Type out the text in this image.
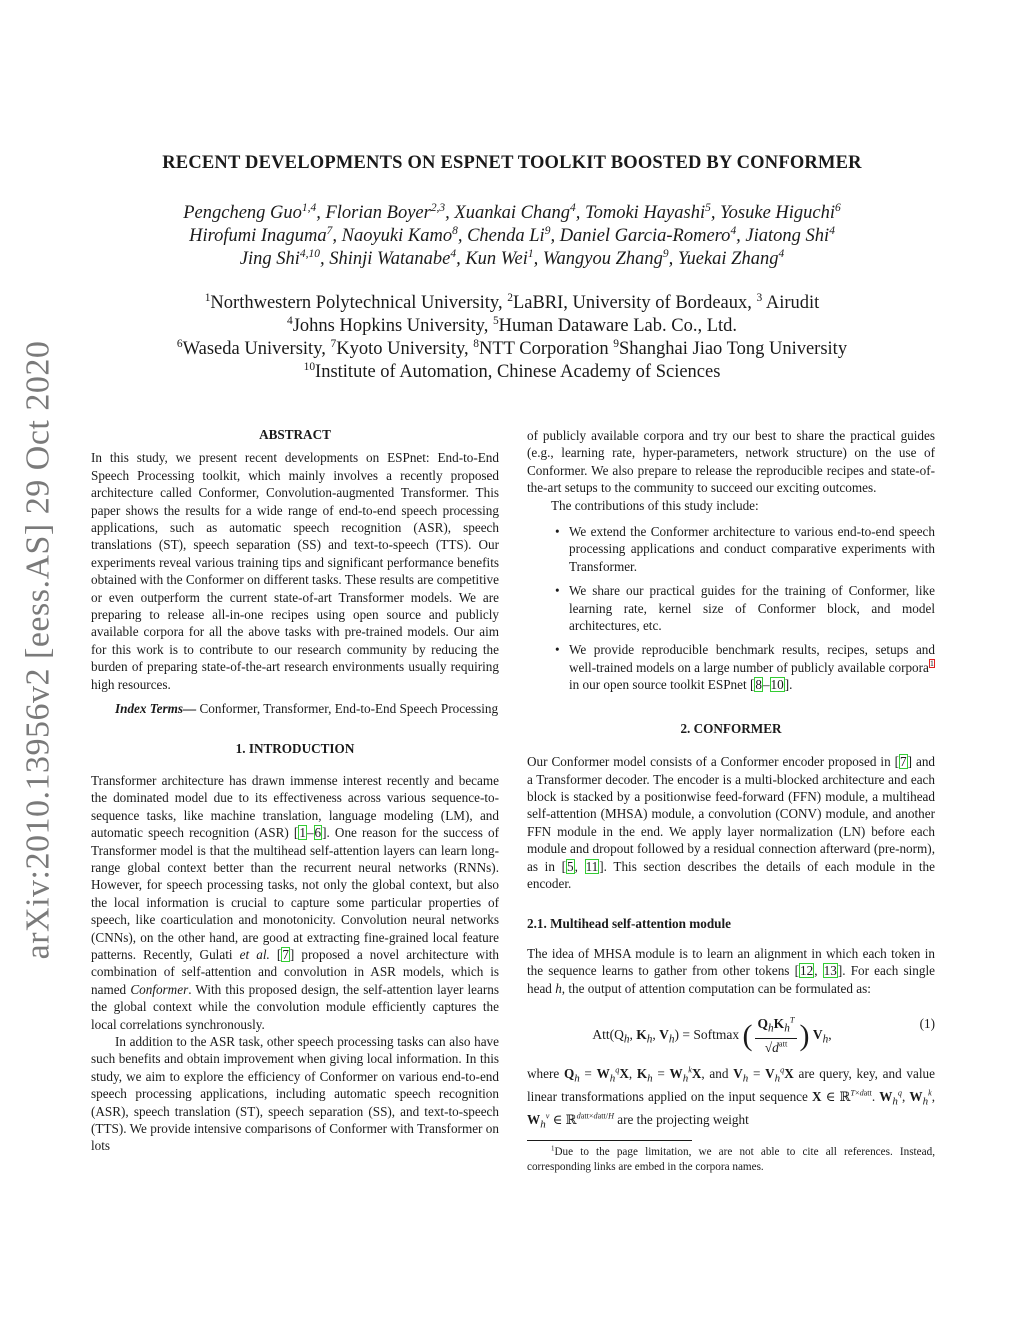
arXiv:2010.13956v2 [eess.AS] 29 Oct 2020
RECENT DEVELOPMENTS ON ESPNET TOOLKIT BOOSTED BY CONFORMER
Pengcheng Guo$^{1,4}$, Florian Boyer$^{2,3}$, Xuankai Chang$^4$, Tomoki Hayashi$^5$, Yosuke Higuchi$^6$
Hirofumi Inaguma$^7$, Naoyuki Kamo$^8$, Chenda Li$^9$, Daniel Garcia-Romero$^4$, Jiatong Shi$^4$
Jing Shi$^{4,10}$, Shinji Watanabe$^4$, Kun Wei$^1$, Wangyou Zhang$^9$, Yuekai Zhang$^4$
$^1$Northwestern Polytechnical University, $^2$LaBRI, University of Bordeaux, $^3$ Airudit
$^4$Johns Hopkins University, $^5$Human Dataware Lab. Co., Ltd.
$^6$Waseda University, $^7$Kyoto University, $^8$NTT Corporation $^9$Shanghai Jiao Tong University
$^{10}$Institute of Automation, Chinese Academy of Sciences
ABSTRACT

In this study, we present recent developments on ESPnet: End-to-End Speech Processing toolkit, which mainly involves a recently proposed architecture called Conformer, Convolution-augmented Transformer. This paper shows the results for a wide range of end-to-end speech processing applications, such as automatic speech recognition (ASR), speech translations (ST), speech separation (SS) and text-to-speech (TTS). Our experiments reveal various training tips and significant performance benefits obtained with the Conformer on different tasks. These results are competitive or even outperform the current state-of-art Transformer models. We are preparing to release all-in-one recipes using open source and publicly available corpora for all the above tasks with pre-trained models. Our aim for this work is to contribute to our research community by reducing the burden of preparing state-of-the-art research environments usually requiring high resources.

Index Terms— Conformer, Transformer, End-to-End Speech Processing

1. INTRODUCTION

Transformer architecture has drawn immense interest recently and became the dominated model due to its effectiveness across various sequence-to-sequence tasks, like machine translation, language modeling (LM), and automatic speech recognition (ASR) [1–6]. One reason for the success of Transformer model is that the multihead self-attention layers can learn long-range global context better than the recurrent neural networks (RNNs). However, for speech processing tasks, not only the global context, but also the local information is crucial to capture some particular properties of speech, like coarticulation and monotonicity. Convolution neural networks (CNNs), on the other hand, are good at extracting fine-grained local feature patterns. Recently, Gulati et al. [7] proposed a novel architecture with combination of self-attention and convolution in ASR models, which is named Conformer. With this proposed design, the self-attention layer learns the global context while the convolution module efficiently captures the local correlations synchronously.

In addition to the ASR task, other speech processing tasks can also have such benefits and obtain improvement when giving local information. In this study, we aim to explore the efficiency of Conformer on various end-to-end speech processing applications, including automatic speech recognition (ASR), speech translation (ST), speech separation (SS), and text-to-speech (TTS). We provide intensive comparisons of Conformer with Transformer on lots

of publicly available corpora and try our best to share the practical guides (e.g., learning rate, hyper-parameters, network structure) on the use of Conformer. We also prepare to release the reproducible recipes and state-of-the-art setups to the community to succeed our exciting outcomes.

The contributions of this study include:

• We extend the Conformer architecture to various end-to-end speech processing applications and conduct comparative experiments with Transformer.
• We share our practical guides for the training of Conformer, like learning rate, kernel size of Conformer block, and model architectures, etc.
• We provide reproducible benchmark results, recipes, setups and well-trained models on a large number of publicly available corpora$^1$ in our open source toolkit ESPnet [8–10].
2. CONFORMER

Our Conformer model consists of a Conformer encoder proposed in [7] and a Transformer decoder. The encoder is a multi-blocked architecture and each block is stacked by a positionwise feed-forward (FFN) module, a multihead self-attention (MHSA) module, a convolution (CONV) module, and another FFN module in the end. We apply layer normalization (LN) before each module and dropout followed by a residual connection afterward (pre-norm), as in [5, 11]. This section describes the details of each module in the encoder.

2.1. Multihead self-attention module

The idea of MHSA module is to learn an alignment in which each token in the sequence learns to gather from other tokens [12, 13]. For each single head h, the output of attention computation can be formulated as:

$Att(Q_h$, $K_h$, $V_h$) = Softmax ( $\frac{Q_hK_h^T}{√d^{att}}$ ) $V_h$,
(1)

where $Q_h = W_h^qX$, $K_h = W_h^kX$, and $V_h = V_h^qX$ are query, key, and value linear transformations applied on the input sequence X ∈ ℝ$^{T\times datt}$. $W_h^q$, $W_h^k$, $W_h^v$ ∈ ℝ$^{datt\times datt/H}$ are the projecting weight

$^1$Due to the page limitation, we are not able to cite all references. Instead, corresponding links are embed in the corpora names.
